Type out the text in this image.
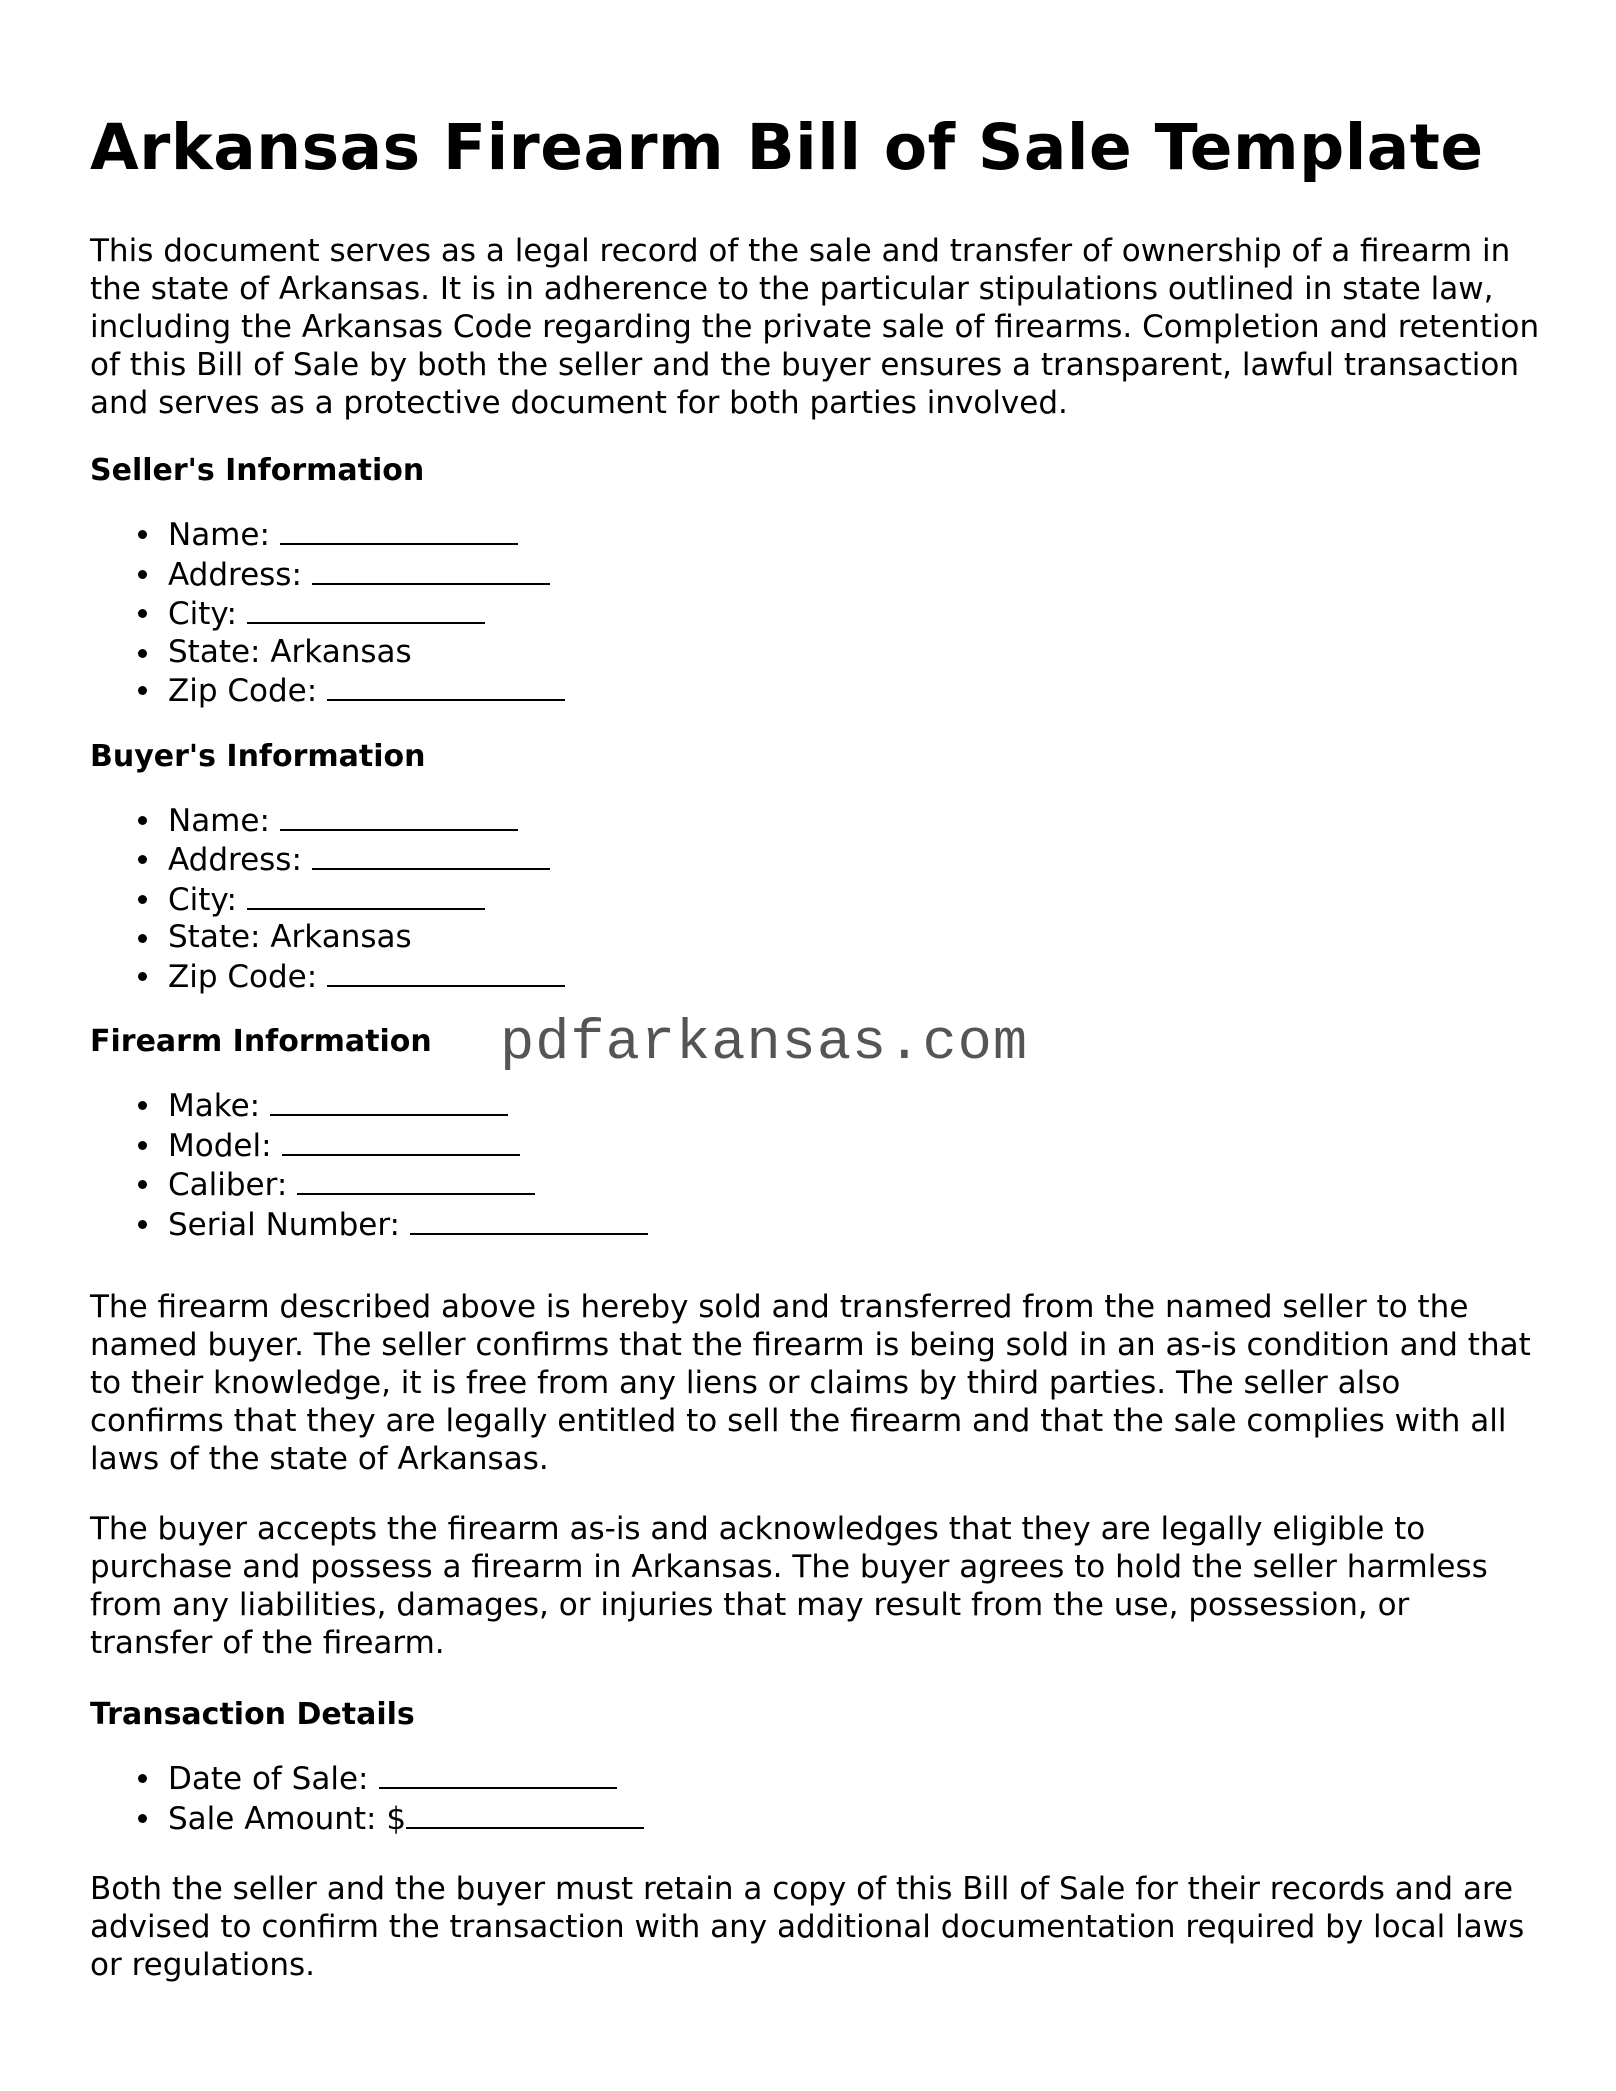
Arkansas Firearm Bill of Sale Template

This document serves as a legal record of the sale and transfer of ownership of a firearm in the state of Arkansas. It is in adherence to the particular stipulations outlined in state law, including the Arkansas Code regarding the private sale of firearms. Completion and retention of this Bill of Sale by both the seller and the buyer ensures a transparent, lawful transaction and serves as a protective document for both parties involved.

Seller's Information
Name:
Address:
City:
State: Arkansas
Zip Code:
Buyer's Information
Name:
Address:
City:
State: Arkansas
Zip Code:
Firearm Information pdfarkansas.com
Make:
Model:
Caliber:
Serial Number:

The firearm described above is hereby sold and transferred from the named seller to the named buyer. The seller confirms that the firearm is being sold in an as-is condition and that to their knowledge, it is free from any liens or claims by third parties. The seller also confirms that they are legally entitled to sell the firearm and that the sale complies with all laws of the state of Arkansas.

The buyer accepts the firearm as-is and acknowledges that they are legally eligible to purchase and possess a firearm in Arkansas. The buyer agrees to hold the seller harmless from any liabilities, damages, or injuries that may result from the use, possession, or transfer of the firearm.

Transaction Details
Date of Sale:
Sale Amount: $

Both the seller and the buyer must retain a copy of this Bill of Sale for their records and are advised to confirm the transaction with any additional documentation required by local laws or regulations.
